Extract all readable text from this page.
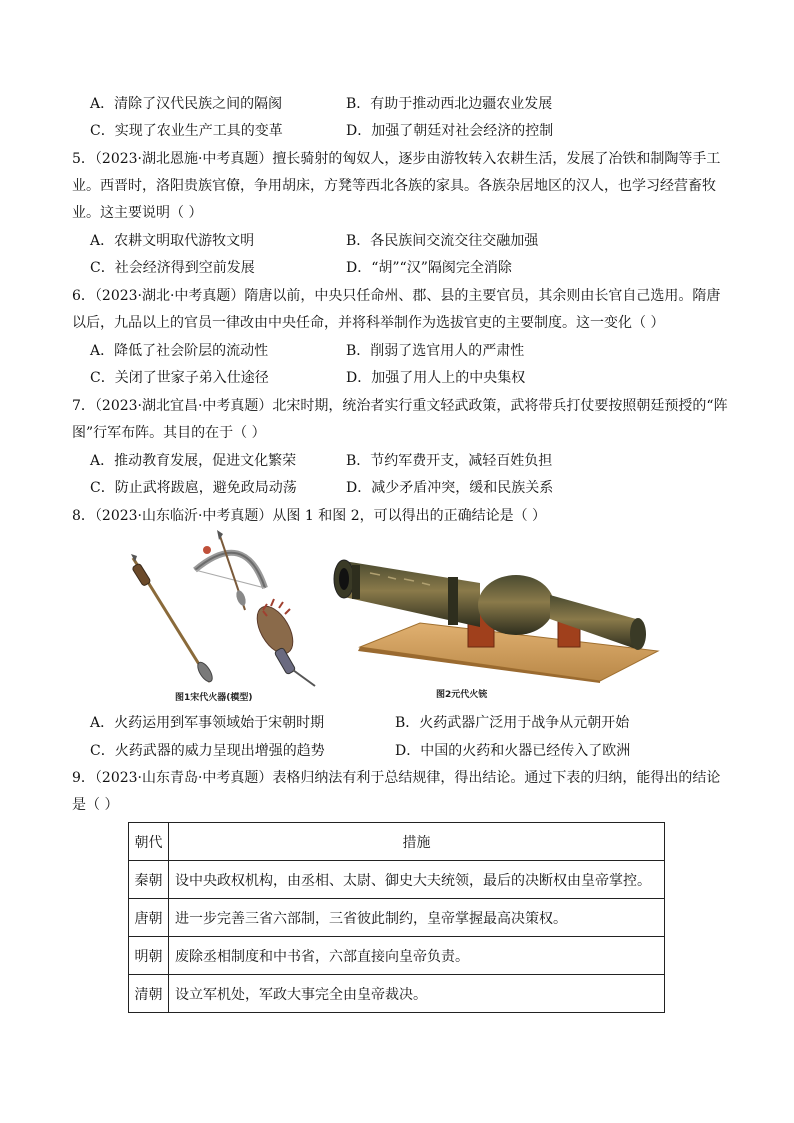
A．清除了汉代民族之间的隔阂	B．有助于推动西北边疆农业发展
C．实现了农业生产工具的变革	D．加强了朝廷对社会经济的控制
5．（2023·湖北恩施·中考真题）擅长骑射的匈奴人，逐步由游牧转入农耕生活，发展了冶铁和制陶等手工
业。西晋时，洛阳贵族官僚，争用胡床，方凳等西北各族的家具。各族杂居地区的汉人，也学习经营畜牧
业。这主要说明（ ）
A．农耕文明取代游牧文明	B．各民族间交流交往交融加强
C．社会经济得到空前发展	D．“胡”“汉”隔阂完全消除
6．（2023·湖北·中考真题）隋唐以前，中央只任命州、郡、县的主要官员，其余则由长官自己选用。隋唐
以后，九品以上的官员一律改由中央任命，并将科举制作为选拔官吏的主要制度。这一变化（ ）
A．降低了社会阶层的流动性	B．削弱了选官用人的严肃性
C．关闭了世家子弟入仕途径	D．加强了用人上的中央集权
7．（2023·湖北宜昌·中考真题）北宋时期，统治者实行重文轻武政策，武将带兵打仗要按照朝廷预授的“阵
图”行军布阵。其目的在于（ ）
A．推动教育发展，促进文化繁荣	B．节约军费开支，减轻百姓负担
C．防止武将跋扈，避免政局动荡	D．减少矛盾冲突，缓和民族关系
8．（2023·山东临沂·中考真题）从图 1 和图 2，可以得出的正确结论是（ ）
图1宋代火器(模型)	图2元代火铳
A．火药运用到军事领域始于宋朝时期	B．火药武器广泛用于战争从元朝开始
C．火药武器的威力呈现出增强的趋势	D．中国的火药和火器已经传入了欧洲
9．（2023·山东青岛·中考真题）表格归纳法有利于总结规律，得出结论。通过下表的归纳，能得出的结论
是（ ）
朝代	措施
秦朝	设中央政权机构，由丞相、太尉、御史大夫统领，最后的决断权由皇帝掌控。
唐朝	进一步完善三省六部制，三省彼此制约，皇帝掌握最高决策权。
明朝	废除丞相制度和中书省，六部直接向皇帝负责。
清朝	设立军机处，军政大事完全由皇帝裁决。
